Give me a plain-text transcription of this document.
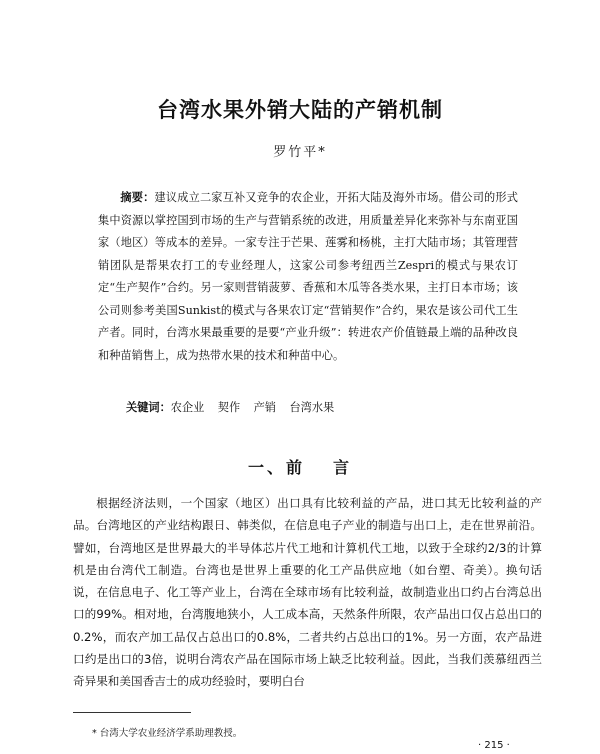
台湾水果外销大陆的产销机制
罗竹平*

摘要：建议成立二家互补又竞争的农企业，开拓大陆及海外市场。借公司的形式集中资源以掌控国到市场的生产与营销系统的改进，用质量差异化来弥补与东南亚国家（地区）等成本的差异。一家专注于芒果、莲雾和杨桃，主打大陆市场；其管理营销团队是帮果农打工的专业经理人，这家公司参考纽西兰Zespri的模式与果农订定“生产契作”合约。另一家则营销菠萝、香蕉和木瓜等各类水果，主打日本市场；该公司则参考美国Sunkist的模式与各果农订定“营销契作”合约，果农是该公司代工生产者。同时，台湾水果最重要的是要“产业升级”：转进农产价值链最上端的品种改良和种苗销售上，成为热带水果的技术和种苗中心。

关键词：农企业 契作 产销 台湾水果

一、前 言

根据经济法则，一个国家（地区）出口具有比较利益的产品，进口其无比较利益的产品。台湾地区的产业结构跟日、韩类似，在信息电子产业的制造与出口上，走在世界前沿。譬如，台湾地区是世界最大的半导体芯片代工地和计算机代工地，以致于全球约2/3的计算机是由台湾代工制造。台湾也是世界上重要的化工产品供应地（如台塑、奇美）。换句话说，在信息电子、化工等产业上，台湾在全球市场有比较利益，故制造业出口约占台湾总出口的99%。相对地，台湾腹地狭小，人工成本高，天然条件所限，农产品出口仅占总出口的0.2%，而农产加工品仅占总出口的0.8%，二者共约占总出口的1%。另一方面，农产品进口约是出口的3倍，说明台湾农产品在国际市场上缺乏比较利益。因此，当我们羡慕纽西兰奇异果和美国香吉士的成功经验时，要明白台

* 台湾大学农业经济学系助理教授。

· 215 ·
